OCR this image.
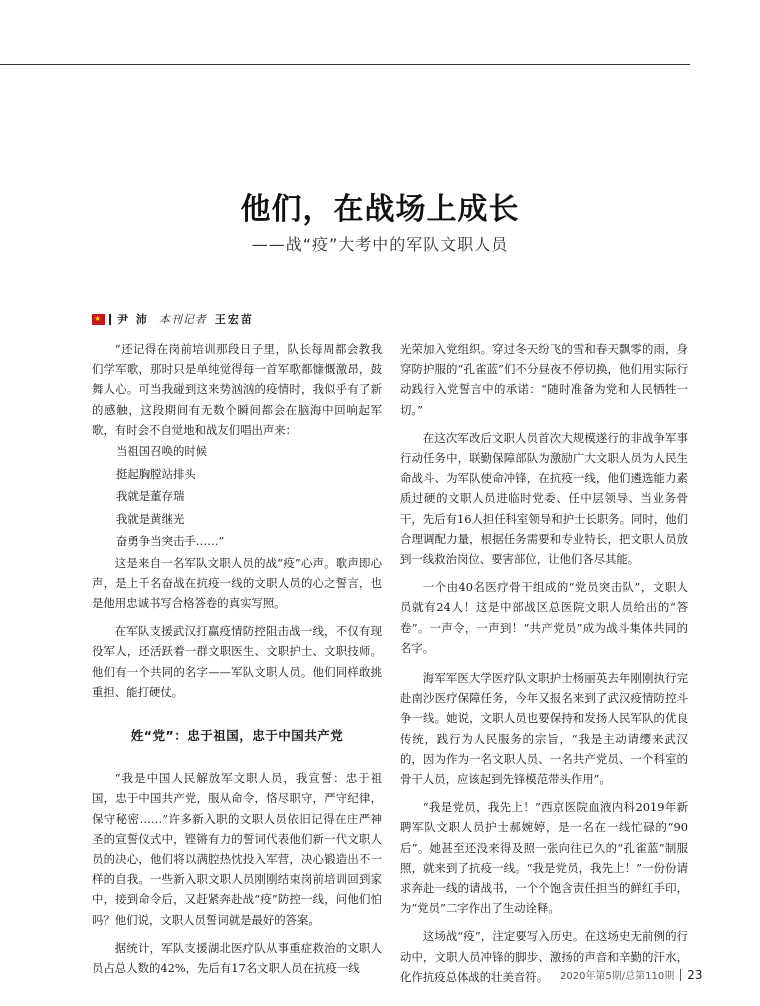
他们，在战场上成长
——战“疫”大考中的军队文职人员
★
尹 沛 本刊记者 王宏苗

“还记得在岗前培训那段日子里，队长每周都会教我们学军歌，那时只是单纯觉得每一首军歌都慷慨激昂，鼓舞人心。可当我碰到这来势汹汹的疫情时，我似乎有了新的感触，这段期间有无数个瞬间都会在脑海中回响起军歌，有时会不自觉地和战友们唱出声来：

当祖国召唤的时候
挺起胸膛站排头
我就是董存瑞
我就是黄继光
奋勇争当突击手……”

这是来自一名军队文职人员的战“疫”心声。歌声即心声，是上千名奋战在抗疫一线的文职人员的心之誓言，也是他用忠诚书写合格答卷的真实写照。

在军队支援武汉打赢疫情防控阻击战一线，不仅有现役军人，还活跃着一群文职医生、文职护士、文职技师。他们有一个共同的名字——军队文职人员。他们同样敢挑重担、能打硬仗。

姓“党”：忠于祖国，忠于中国共产党

“我是中国人民解放军文职人员，我宣誓：忠于祖国，忠于中国共产党，服从命令，恪尽职守，严守纪律，保守秘密……”许多新入职的文职人员依旧记得在庄严神圣的宣誓仪式中，铿锵有力的誓词代表他们新一代文职人员的决心，他们将以满腔热忱投入军营，决心锻造出不一样的自我。一些新入职文职人员刚刚结束岗前培训回到家中，接到命令后，又赶紧奔赴战“疫”防控一线，问他们怕吗？他们说，文职人员誓词就是最好的答案。

据统计，军队支援湖北医疗队从事重症救治的文职人员占总人数的42%，先后有17名文职人员在抗疫一线

光荣加入党组织。穿过冬天纷飞的雪和春天飘零的雨，身穿防护服的“孔雀蓝”们不分昼夜不停切换，他们用实际行动践行入党誓言中的承诺：“随时准备为党和人民牺牲一切。”

在这次军改后文职人员首次大规模遂行的非战争军事行动任务中，联勤保障部队为激励广大文职人员为人民生命战斗、为军队使命冲锋，在抗疫一线，他们遴选能力素质过硬的文职人员进临时党委、任中层领导、当业务骨干，先后有16人担任科室领导和护士长职务。同时，他们合理调配力量，根据任务需要和专业特长，把文职人员放到一线救治岗位、要害部位，让他们各尽其能。

一个由40名医疗骨干组成的“党员突击队”，文职人员就有24人！这是中部战区总医院文职人员给出的“答卷”。一声令，一声到！“共产党员”成为战斗集体共同的名字。

海军军医大学医疗队文职护士杨丽英去年刚刚执行完赴南沙医疗保障任务，今年又报名来到了武汉疫情防控斗争一线。她说，文职人员也要保持和发扬人民军队的优良传统，践行为人民服务的宗旨，“我是主动请缨来武汉的，因为作为一名文职人员、一名共产党员、一个科室的骨干人员，应该起到先锋模范带头作用”。

“我是党员，我先上！”西京医院血液内科2019年新聘军队文职人员护士郝婉婷，是一名在一线忙碌的“90后”。她甚至还没来得及照一张向往已久的“孔雀蓝”制服照，就来到了抗疫一线。“我是党员，我先上！”一份份请求奔赴一线的请战书，一个个饱含责任担当的鲜红手印，为“党员”二字作出了生动诠释。

这场战“疫”，注定要写入历史。在这场史无前例的行动中，文职人员冲锋的脚步、激扬的声音和辛勤的汗水，化作抗疫总体战的壮美音符。	2020年第5期/总第110期 23
